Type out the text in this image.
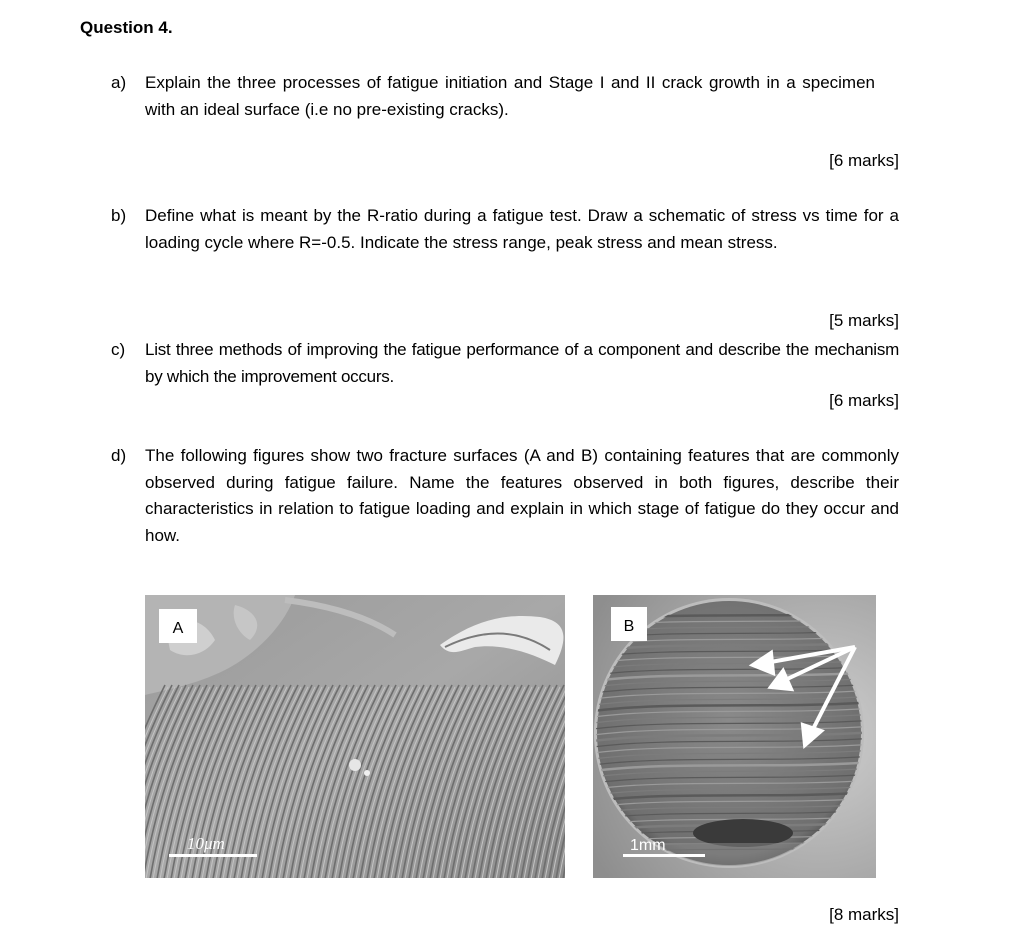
Question 4.
a) Explain the three processes of fatigue initiation and Stage I and II crack growth in a specimen with an ideal surface (i.e no pre-existing cracks).
[6 marks]
b) Define what is meant by the R-ratio during a fatigue test. Draw a schematic of stress vs time for a loading cycle where R=-0.5. Indicate the stress range, peak stress and mean stress.
[5 marks]
c) List three methods of improving the fatigue performance of a component and describe the mechanism by which the improvement occurs.
[6 marks]
d) The following figures show two fracture surfaces (A and B) containing features that are commonly observed during fatigue failure. Name the features observed in both figures, describe their characteristics in relation to fatigue loading and explain in which stage of fatigue do they occur and how.
[8 marks]
A
10μm
B
1mm
